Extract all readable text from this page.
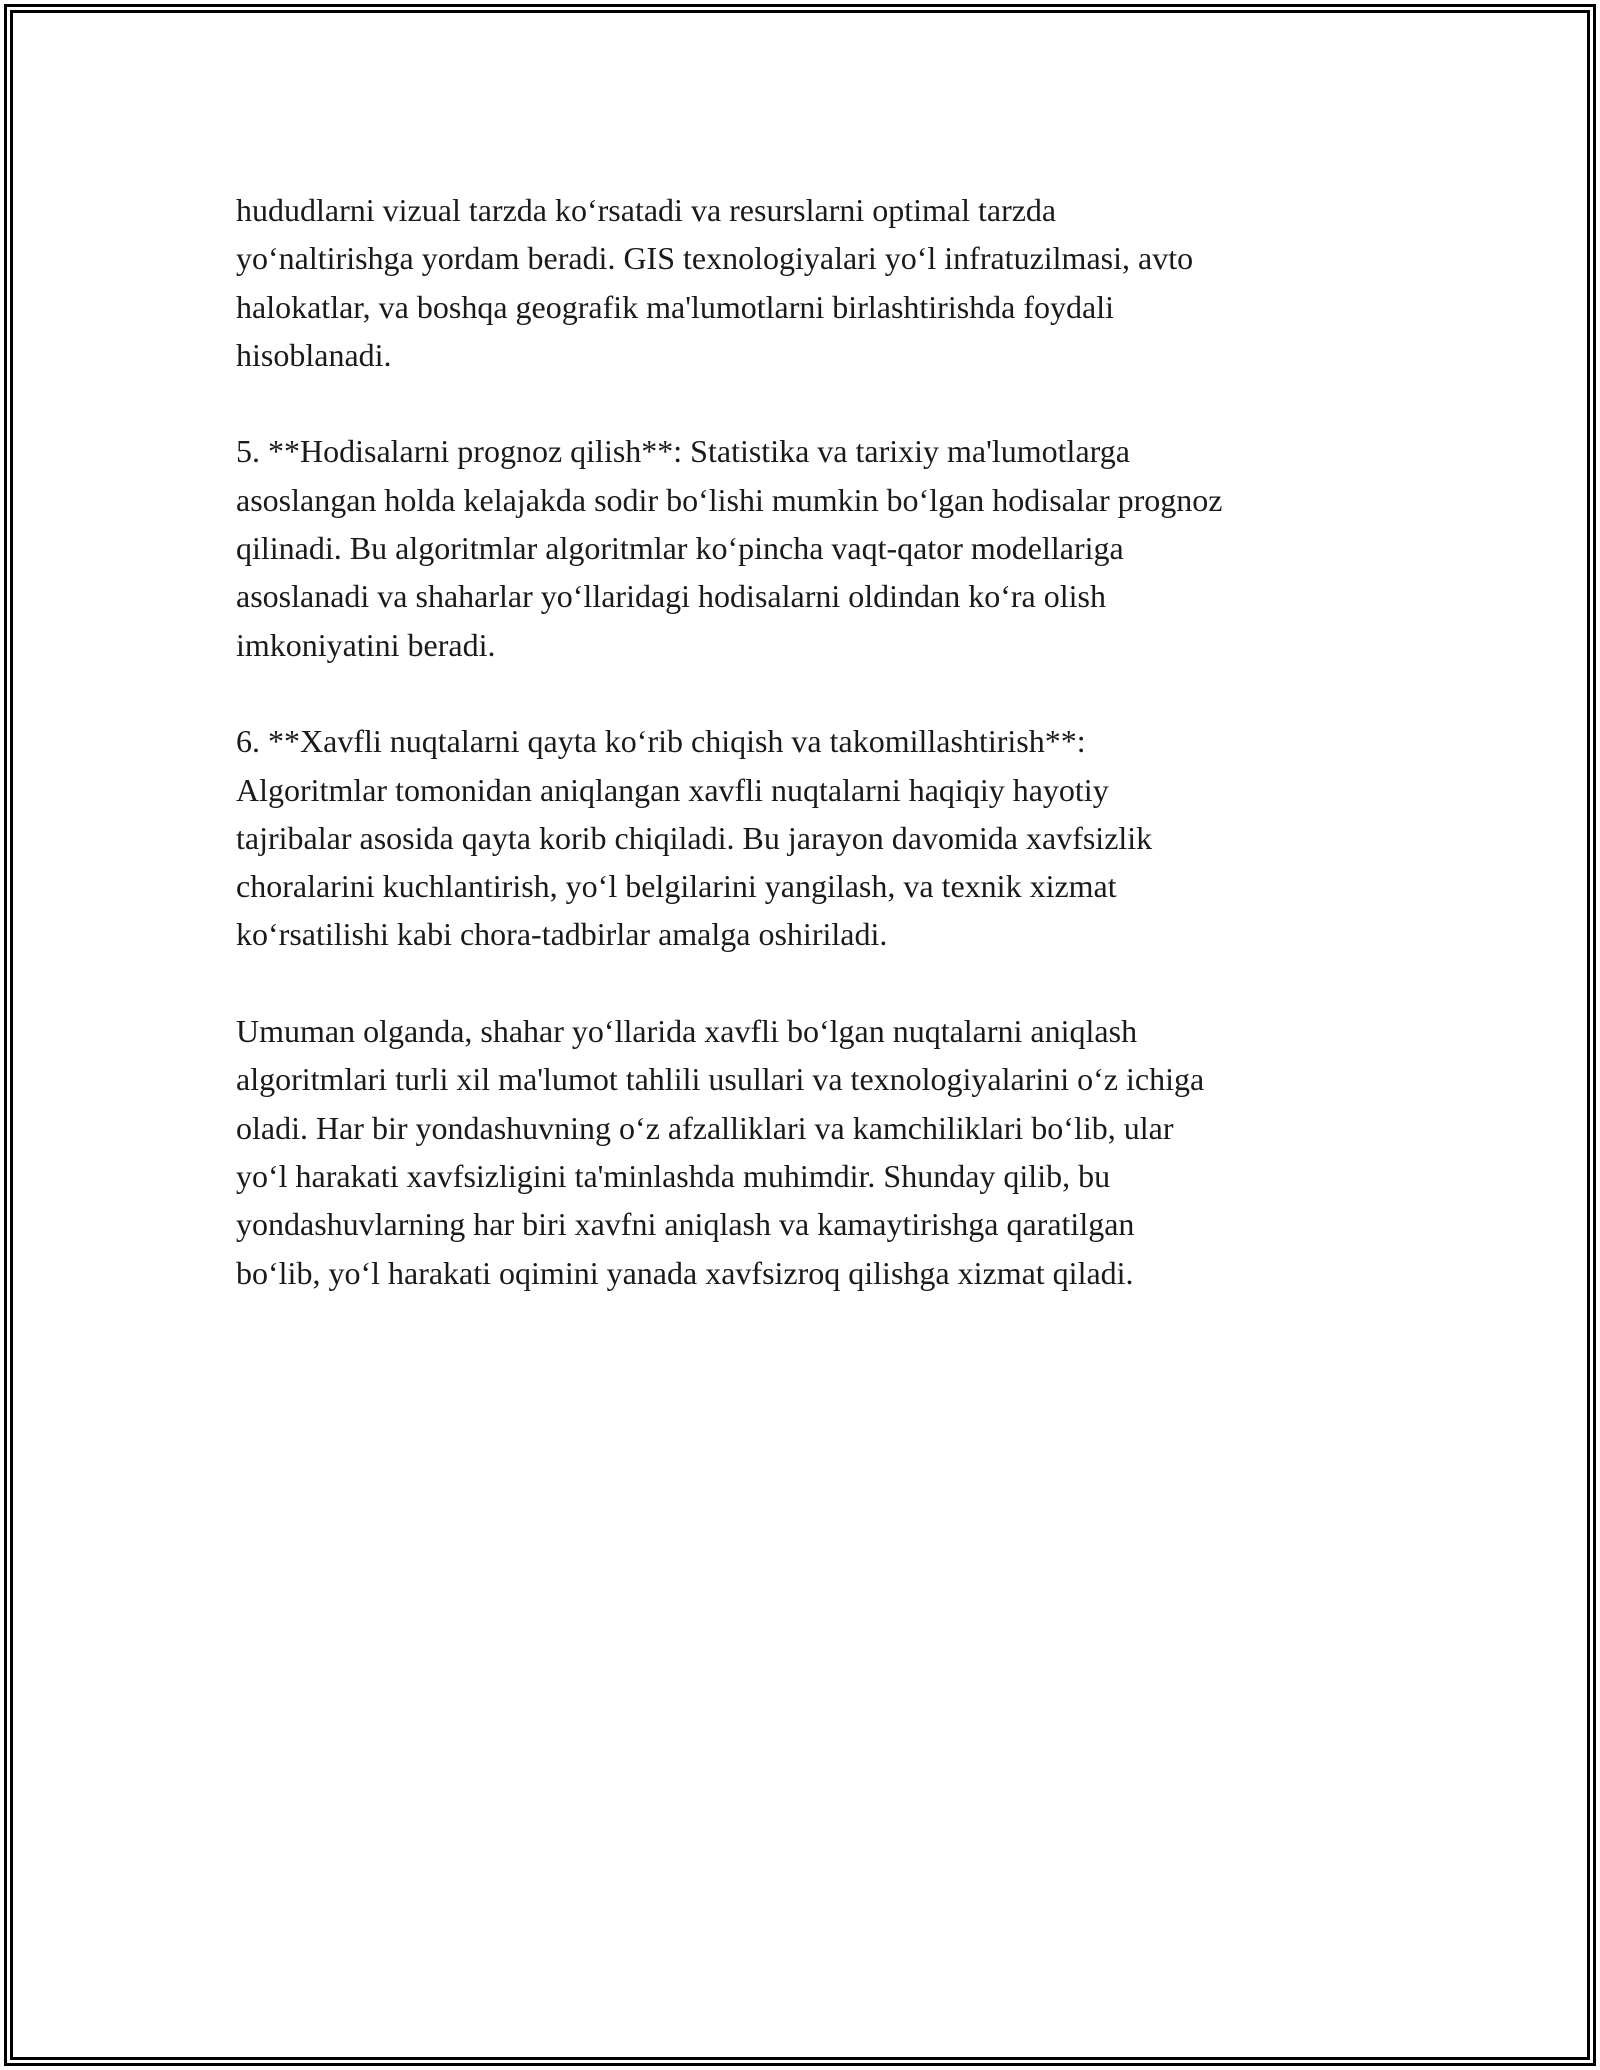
hududlarni vizual tarzda koʻrsatadi va resurslarni optimal tarzda
yoʻnaltirishga yordam beradi. GIS texnologiyalari yoʻl infratuzilmasi, avto
halokatlar, va boshqa geografik ma'lumotlarni birlashtirishda foydali
hisoblanadi.

5. **Hodisalarni prognoz qilish**: Statistika va tarixiy ma'lumotlarga
asoslangan holda kelajakda sodir boʻlishi mumkin boʻlgan hodisalar prognoz
qilinadi. Bu algoritmlar algoritmlar koʻpincha vaqt-qator modellariga
asoslanadi va shaharlar yoʻllaridagi hodisalarni oldindan koʻra olish
imkoniyatini beradi.

6. **Xavfli nuqtalarni qayta koʻrib chiqish va takomillashtirish**:
Algoritmlar tomonidan aniqlangan xavfli nuqtalarni haqiqiy hayotiy
tajribalar asosida qayta korib chiqiladi. Bu jarayon davomida xavfsizlik
choralarini kuchlantirish, yoʻl belgilarini yangilash, va texnik xizmat
koʻrsatilishi kabi chora-tadbirlar amalga oshiriladi.

Umuman olganda, shahar yoʻllarida xavfli boʻlgan nuqtalarni aniqlash
algoritmlari turli xil ma'lumot tahlili usullari va texnologiyalarini oʻz ichiga
oladi. Har bir yondashuvning oʻz afzalliklari va kamchiliklari boʻlib, ular
yoʻl harakati xavfsizligini ta'minlashda muhimdir. Shunday qilib, bu
yondashuvlarning har biri xavfni aniqlash va kamaytirishga qaratilgan
boʻlib, yoʻl harakati oqimini yanada xavfsizroq qilishga xizmat qiladi.
